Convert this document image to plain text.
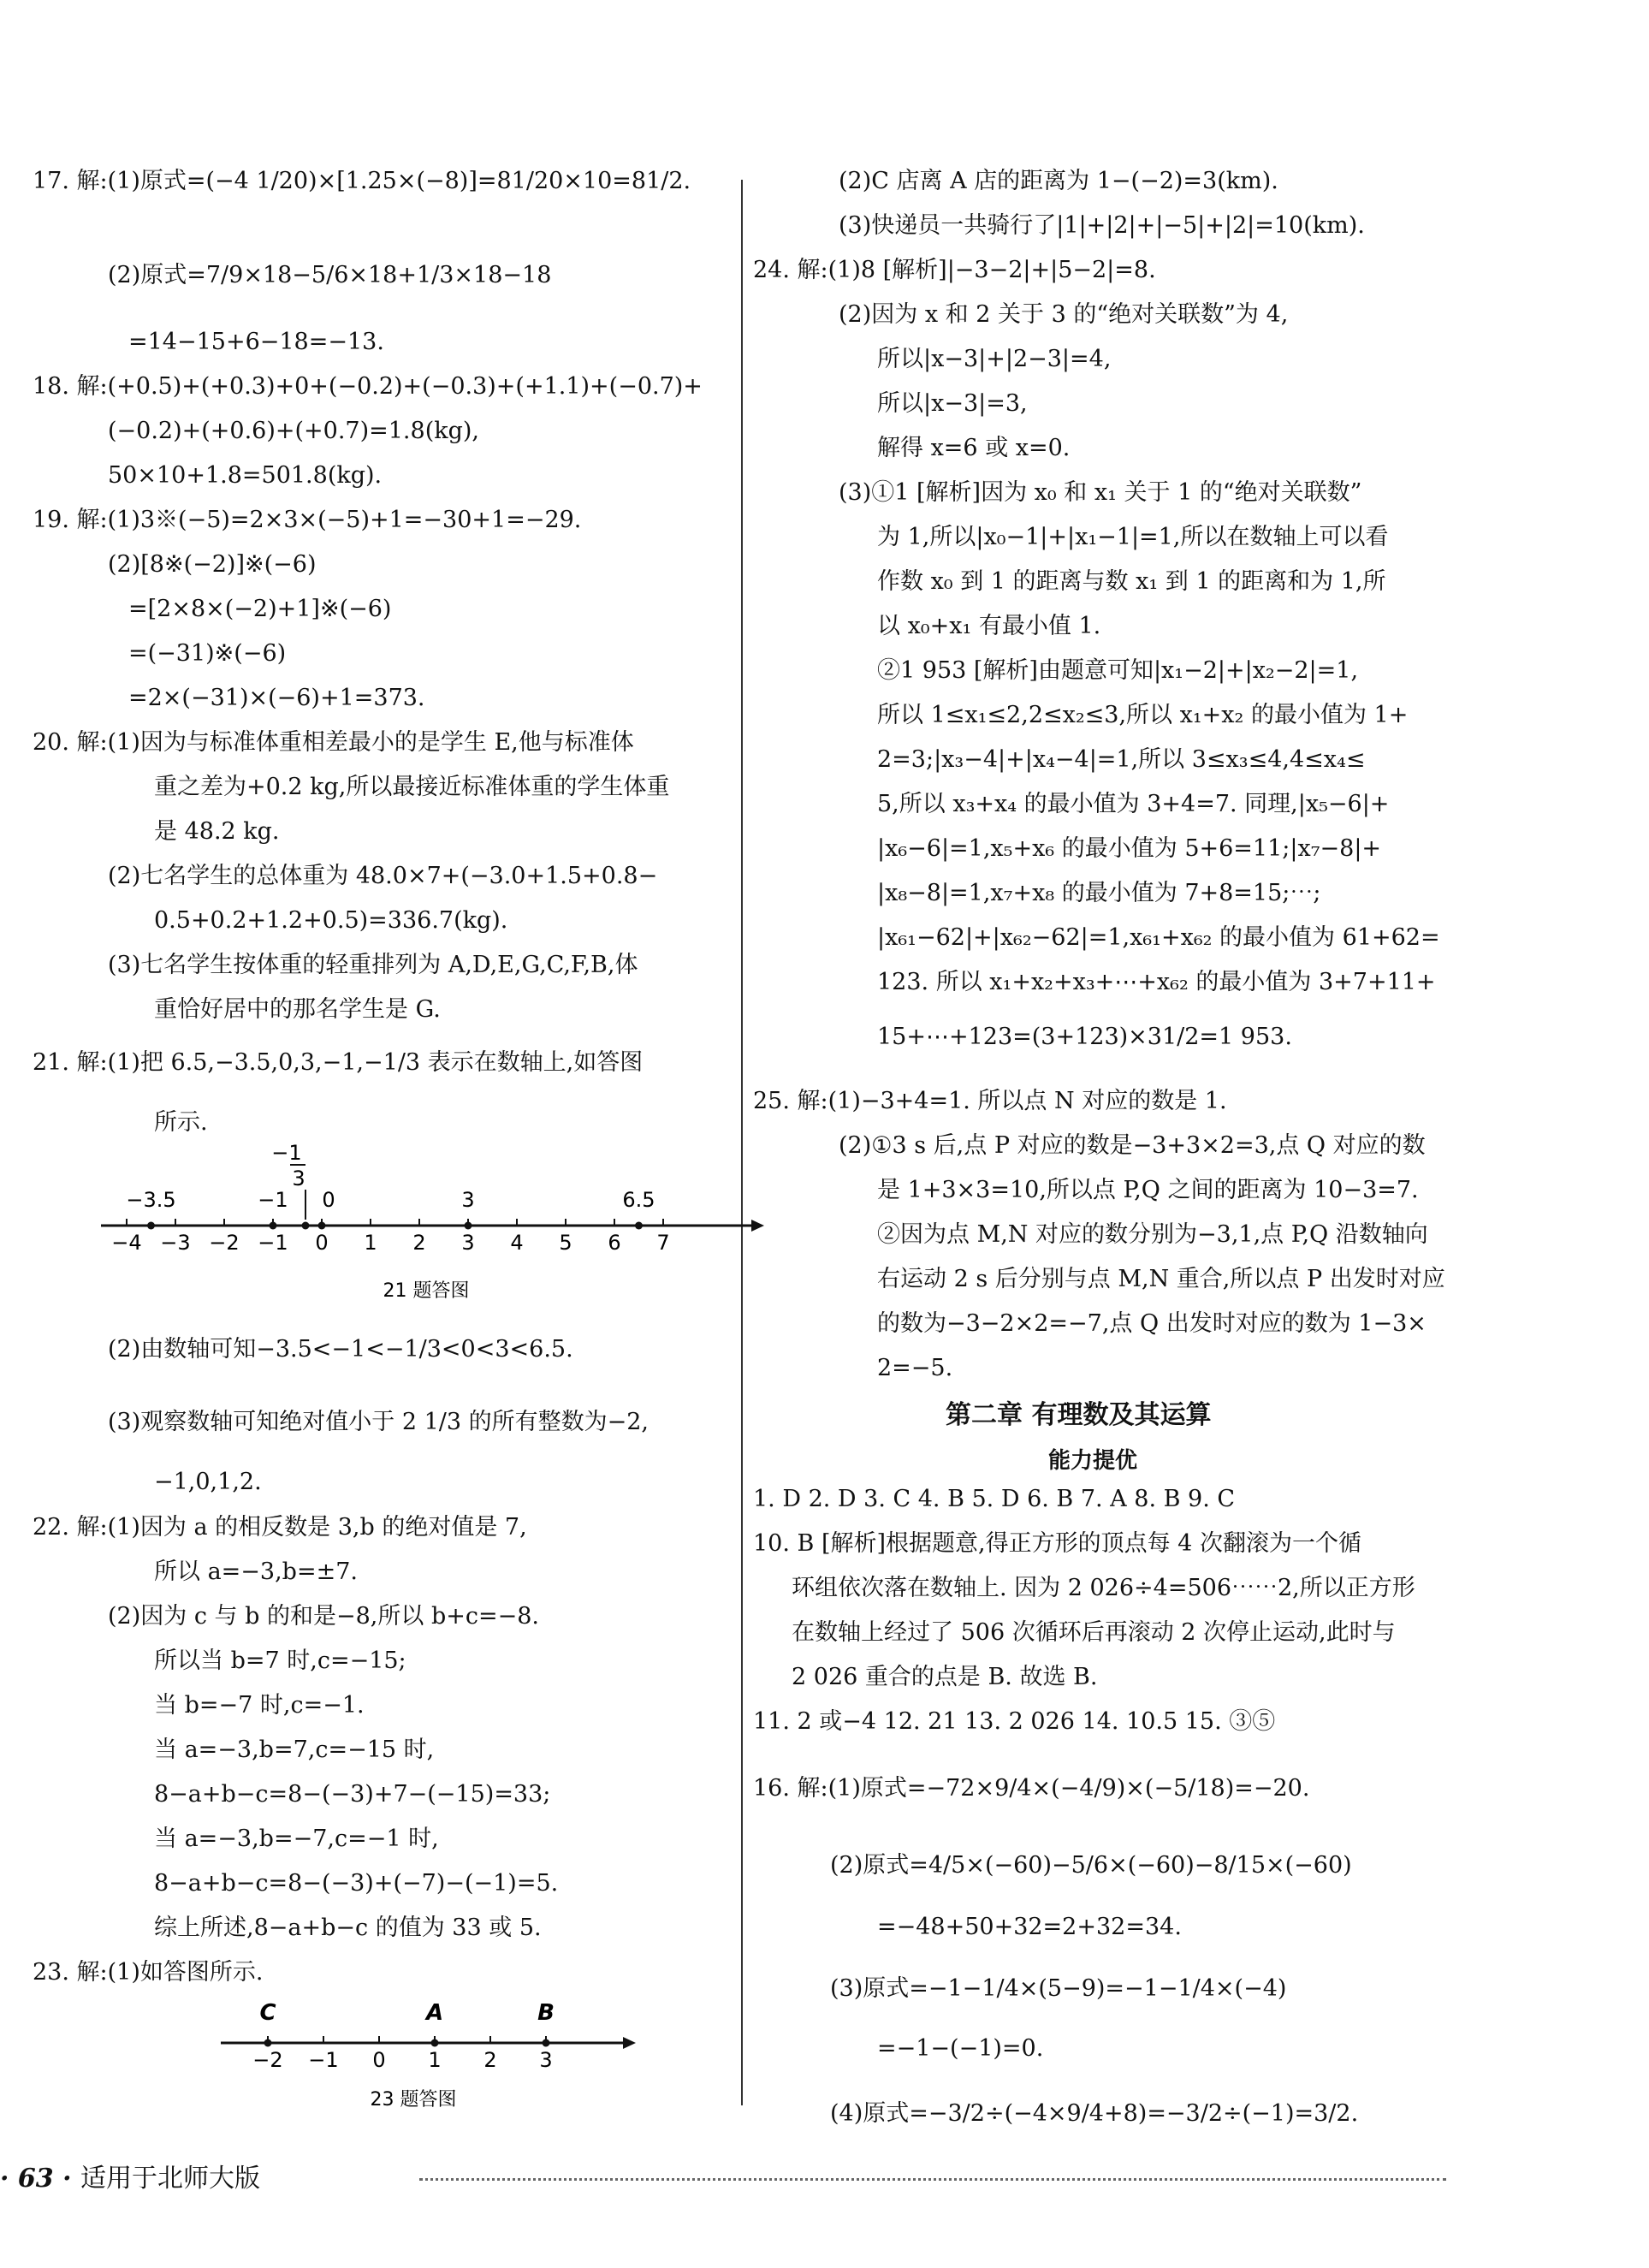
17. 解:(1)原式=(−4 1/20)×[1.25×(−8)]=81/20×10=81/2.
(2)原式=7/9×18−5/6×18+1/3×18−18
=14−15+6−18=−13.
18. 解:(+0.5)+(+0.3)+0+(−0.2)+(−0.3)+(+1.1)+(−0.7)+
(−0.2)+(+0.6)+(+0.7)=1.8(kg),
50×10+1.8=501.8(kg).
19. 解:(1)3※(−5)=2×3×(−5)+1=−30+1=−29.
(2)[8※(−2)]※(−6)
=[2×8×(−2)+1]※(−6)
=(−31)※(−6)
=2×(−31)×(−6)+1=373.
20. 解:(1)因为与标准体重相差最小的是学生 E,他与标准体
重之差为+0.2 kg,所以最接近标准体重的学生体重
是 48.2 kg.
(2)七名学生的总体重为 48.0×7+(−3.0+1.5+0.8−
0.5+0.2+1.2+0.5)=336.7(kg).
(3)七名学生按体重的轻重排列为 A,D,E,G,C,F,B,体
重恰好居中的那名学生是 G.
21. 解:(1)把 6.5,−3.5,0,3,−1,−1/3 表示在数轴上,如答图
所示.
−4 −3 −2 −1 0 1 2 3 4 5 6 7
−3.5	−1
−1
3
0	3	6.5
21 题答图
(2)由数轴可知−3.5<−1<−1/3<0<3<6.5.
(3)观察数轴可知绝对值小于 2 1/3 的所有整数为−2,
−1,0,1,2.
22. 解:(1)因为 a 的相反数是 3,b 的绝对值是 7,
所以 a=−3,b=±7.
(2)因为 c 与 b 的和是−8,所以 b+c=−8.
所以当 b=7 时,c=−15;
当 b=−7 时,c=−1.
当 a=−3,b=7,c=−15 时,
8−a+b−c=8−(−3)+7−(−15)=33;
当 a=−3,b=−7,c=−1 时,
8−a+b−c=8−(−3)+(−7)−(−1)=5.
综上所述,8−a+b−c 的值为 33 或 5.
23. 解:(1)如答图所示.
−2 −1 0 1 2 3
C	A	B
23 题答图
(2)C 店离 A 店的距离为 1−(−2)=3(km).
(3)快递员一共骑行了|1|+|2|+|−5|+|2|=10(km).
24. 解:(1)8 [解析]|−3−2|+|5−2|=8.
(2)因为 x 和 2 关于 3 的“绝对关联数”为 4,
所以|x−3|+|2−3|=4,
所以|x−3|=3,
解得 x=6 或 x=0.
(3)①1 [解析]因为 x₀ 和 x₁ 关于 1 的“绝对关联数”
为 1,所以|x₀−1|+|x₁−1|=1,所以在数轴上可以看
作数 x₀ 到 1 的距离与数 x₁ 到 1 的距离和为 1,所
以 x₀+x₁ 有最小值 1.
②1 953 [解析]由题意可知|x₁−2|+|x₂−2|=1,
所以 1≤x₁≤2,2≤x₂≤3,所以 x₁+x₂ 的最小值为 1+
2=3;|x₃−4|+|x₄−4|=1,所以 3≤x₃≤4,4≤x₄≤
5,所以 x₃+x₄ 的最小值为 3+4=7. 同理,|x₅−6|+
|x₆−6|=1,x₅+x₆ 的最小值为 5+6=11;|x₇−8|+
|x₈−8|=1,x₇+x₈ 的最小值为 7+8=15;⋯;
|x₆₁−62|+|x₆₂−62|=1,x₆₁+x₆₂ 的最小值为 61+62=
123. 所以 x₁+x₂+x₃+⋯+x₆₂ 的最小值为 3+7+11+
15+⋯+123=(3+123)×31/2=1 953.
25. 解:(1)−3+4=1. 所以点 N 对应的数是 1.
(2)①3 s 后,点 P 对应的数是−3+3×2=3,点 Q 对应的数
是 1+3×3=10,所以点 P,Q 之间的距离为 10−3=7.
②因为点 M,N 对应的数分别为−3,1,点 P,Q 沿数轴向
右运动 2 s 后分别与点 M,N 重合,所以点 P 出发时对应
的数为−3−2×2=−7,点 Q 出发时对应的数为 1−3×
2=−5.
第二章 有理数及其运算
能力提优
1. D 2. D 3. C 4. B 5. D 6. B 7. A 8. B 9. C
10. B [解析]根据题意,得正方形的顶点每 4 次翻滚为一个循
环组依次落在数轴上. 因为 2 026÷4=506⋯⋯2,所以正方形
在数轴上经过了 506 次循环后再滚动 2 次停止运动,此时与
2 026 重合的点是 B. 故选 B.
11. 2 或−4 12. 21 13. 2 026 14. 10.5 15. ③⑤
16. 解:(1)原式=−72×9/4×(−4/9)×(−5/18)=−20.
(2)原式=4/5×(−60)−5/6×(−60)−8/15×(−60)
=−48+50+32=2+32=34.
(3)原式=−1−1/4×(5−9)=−1−1/4×(−4)
=−1−(−1)=0.
(4)原式=−3/2÷(−4×9/4+8)=−3/2÷(−1)=3/2.
· 63 · 适用于北师大版
